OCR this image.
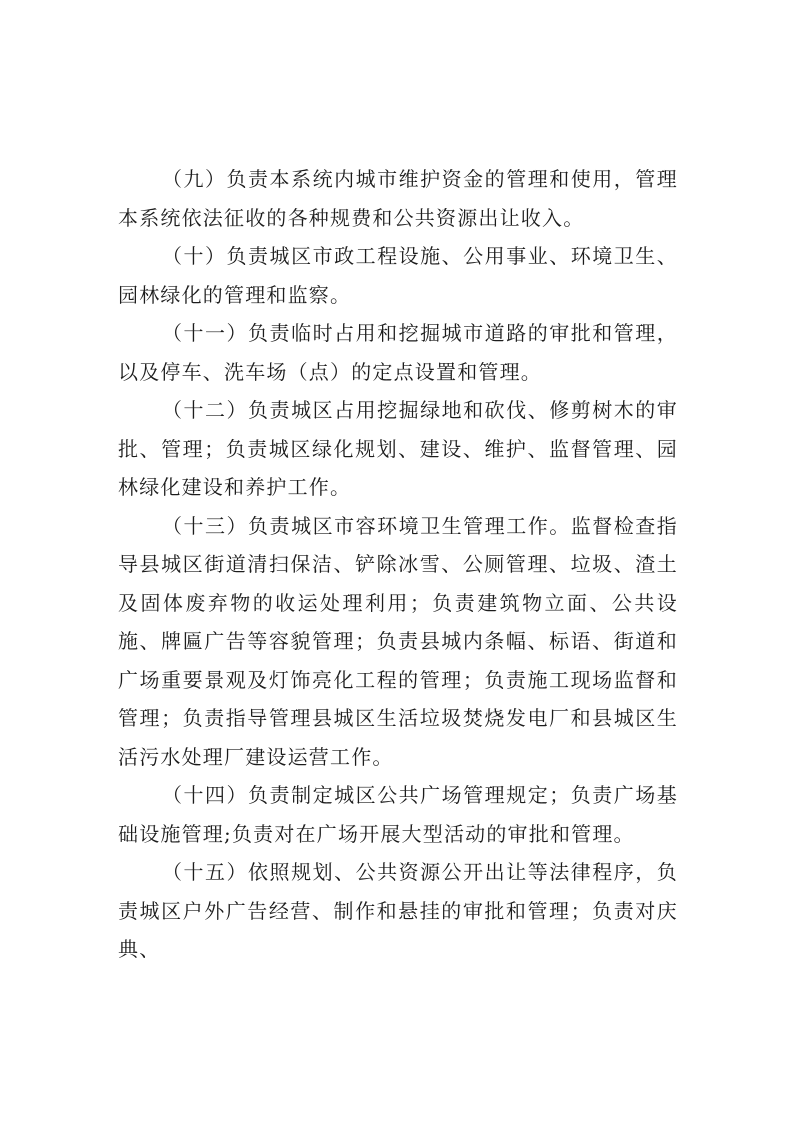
（九）负责本系统内城市维护资金的管理和使用，管理本系统依法征收的各种规费和公共资源出让收入。

（十）负责城区市政工程设施、公用事业、环境卫生、园林绿化的管理和监察。

（十一）负责临时占用和挖掘城市道路的审批和管理，以及停车、洗车场（点）的定点设置和管理。

（十二）负责城区占用挖掘绿地和砍伐、修剪树木的审批、管理；负责城区绿化规划、建设、维护、监督管理、园林绿化建设和养护工作。

（十三）负责城区市容环境卫生管理工作。监督检查指导县城区街道清扫保洁、铲除冰雪、公厕管理、垃圾、渣土及固体废弃物的收运处理利用；负责建筑物立面、公共设施、牌匾广告等容貌管理；负责县城内条幅、标语、街道和广场重要景观及灯饰亮化工程的管理；负责施工现场监督和管理；负责指导管理县城区生活垃圾焚烧发电厂和县城区生活污水处理厂建设运营工作。

（十四）负责制定城区公共广场管理规定；负责广场基础设施管理;负责对在广场开展大型活动的审批和管理。

（十五）依照规划、公共资源公开出让等法律程序，负责城区户外广告经营、制作和悬挂的审批和管理；负责对庆典、
